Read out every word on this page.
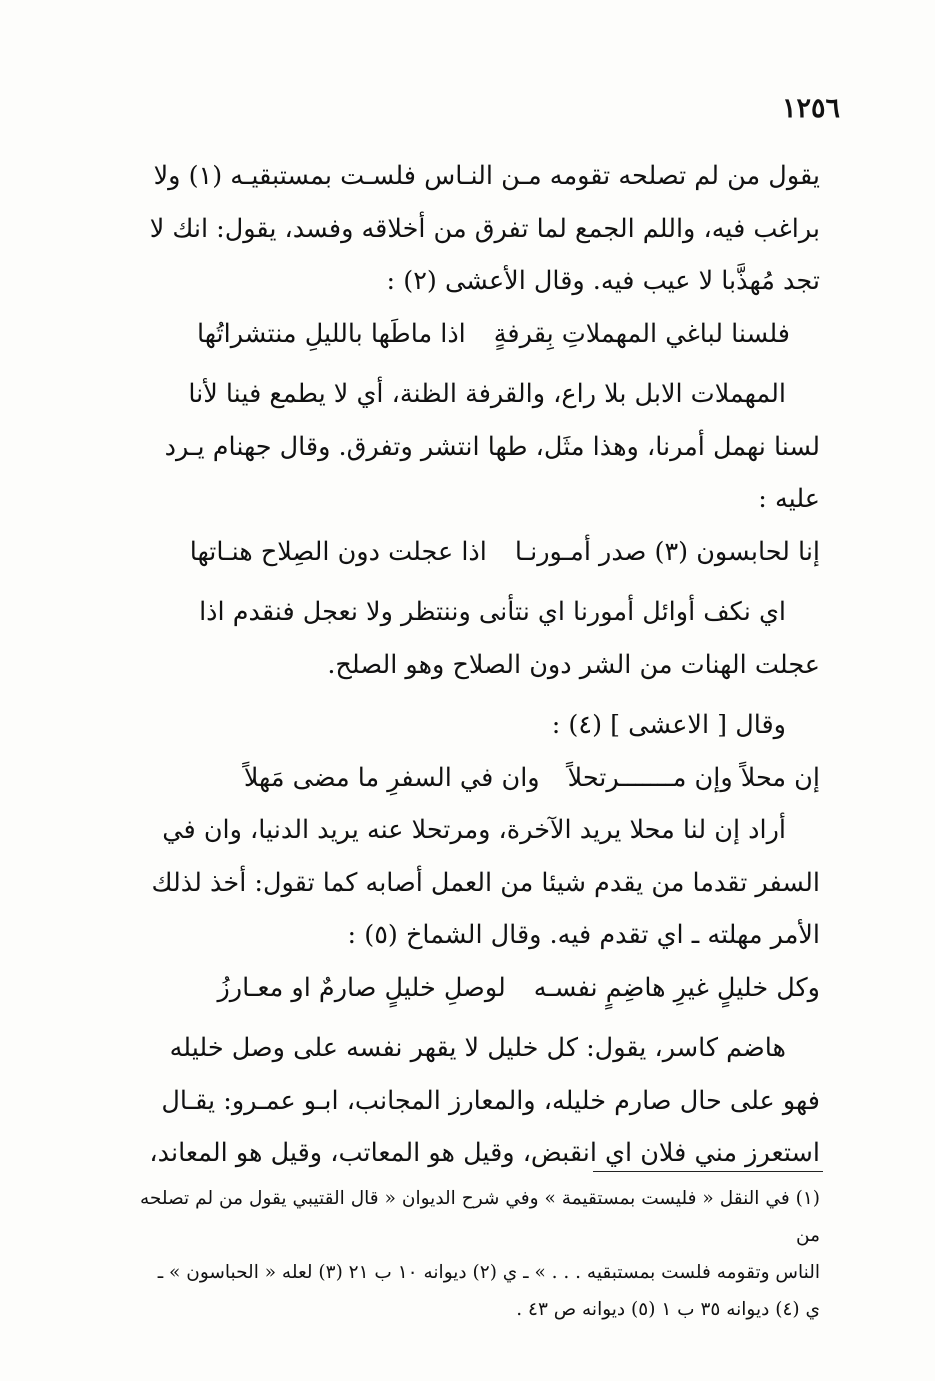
١٢٥٦

يقول من لم تصلحه تقومه مـن النـاس فلسـت بمستبقيـه (١) ولا

براغب فيه، واللم الجمع لما تفرق من أخلاقه وفسد، يقول: انك لا

تجد مُهذَّبا لا عيب فيه. وقال الأعشى (٢) :

فلسنا لباغي المهملاتِ بِقرفةٍ
اذا ماطَها بالليلِ منتشراتُها

المهملات الابل بلا راع، والقرفة الظنة، أي لا يطمع فينا لأنا

لسنا نهمل أمرنا، وهذا مثَل، طها انتشر وتفرق. وقال جهنام يـرد

عليه :

إنا لحابسون (٣) صدر أمـورنـا
اذا عجلت دون الصِلاح هنـاتها

اي نكف أوائل أمورنا اي نتأنى وننتظر ولا نعجل فنقدم اذا

عجلت الهنات من الشر دون الصلاح وهو الصلح.

وقال [ الاعشى ] (٤) :

إن محلاً وإن مـــــــرتحلاً
وان في السفرِ ما مضى مَهلاً

أراد إن لنا محلا يريد الآخرة، ومرتحلا عنه يريد الدنيا، وان في

السفر تقدما من يقدم شيئا من العمل أصابه كما تقول: أخذ لذلك

الأمر مهلته ـ اي تقدم فيه. وقال الشماخ (٥) :

وكل خليلٍ غيرِ هاضِمٍ نفسـه
لوصلِ خليلٍ صارمٌ او معـارزُ

هاضم كاسر، يقول: كل خليل لا يقهر نفسه على وصل خليله

فهو على حال صارم خليله، والمعارز المجانب، ابـو عمـرو: يقـال

استعرز مني فلان اي انقبض، وقيل هو المعاتب، وقيل هو المعاند،

(١) في النقل « فليست بمستقيمة » وفي شرح الديوان « قال القتيبي يقول من لم تصلحه من

الناس وتقومه فلست بمستبقيه . . . » ـ ي (٢) ديوانه ١٠ ب ٢١ (٣) لعله « الحباسون » ـ

ي (٤) ديوانه ٣٥ ب ١ (٥) ديوانه ص ٤٣ .
